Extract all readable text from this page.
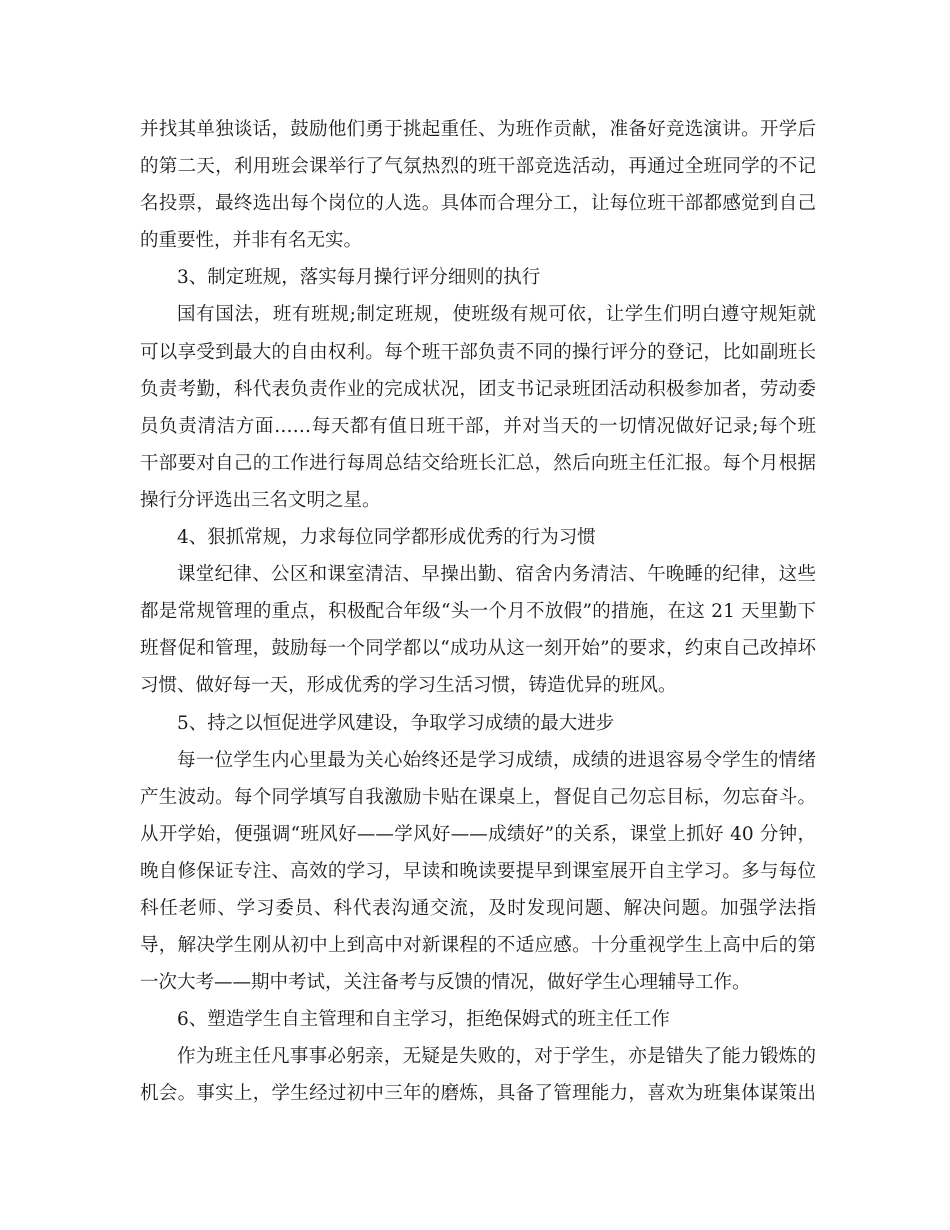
并找其单独谈话，鼓励他们勇于挑起重任、为班作贡献，准备好竞选演讲。开学后
的第二天，利用班会课举行了气氛热烈的班干部竞选活动，再通过全班同学的不记
名投票，最终选出每个岗位的人选。具体而合理分工，让每位班干部都感觉到自己
的重要性，并非有名无实。
3、制定班规，落实每月操行评分细则的执行
国有国法，班有班规;制定班规，使班级有规可依，让学生们明白遵守规矩就
可以享受到最大的自由权利。每个班干部负责不同的操行评分的登记，比如副班长
负责考勤，科代表负责作业的完成状况，团支书记录班团活动积极参加者，劳动委
员负责清洁方面……每天都有值日班干部，并对当天的一切情况做好记录;每个班
干部要对自己的工作进行每周总结交给班长汇总，然后向班主任汇报。每个月根据
操行分评选出三名文明之星。
4、狠抓常规，力求每位同学都形成优秀的行为习惯
课堂纪律、公区和课室清洁、早操出勤、宿舍内务清洁、午晚睡的纪律，这些
都是常规管理的重点，积极配合年级“头一个月不放假”的措施，在这 21 天里勤下
班督促和管理，鼓励每一个同学都以“成功从这一刻开始”的要求，约束自己改掉坏
习惯、做好每一天，形成优秀的学习生活习惯，铸造优异的班风。
5、持之以恒促进学风建设，争取学习成绩的最大进步
每一位学生内心里最为关心始终还是学习成绩，成绩的进退容易令学生的情绪
产生波动。每个同学填写自我激励卡贴在课桌上，督促自己勿忘目标，勿忘奋斗。
从开学始，便强调“班风好——学风好——成绩好”的关系，课堂上抓好 40 分钟，
晚自修保证专注、高效的学习，早读和晚读要提早到课室展开自主学习。多与每位
科任老师、学习委员、科代表沟通交流，及时发现问题、解决问题。加强学法指
导，解决学生刚从初中上到高中对新课程的不适应感。十分重视学生上高中后的第
一次大考——期中考试，关注备考与反馈的情况，做好学生心理辅导工作。
6、塑造学生自主管理和自主学习，拒绝保姆式的班主任工作
作为班主任凡事事必躬亲，无疑是失败的，对于学生，亦是错失了能力锻炼的
机会。事实上，学生经过初中三年的磨炼，具备了管理能力，喜欢为班集体谋策出
